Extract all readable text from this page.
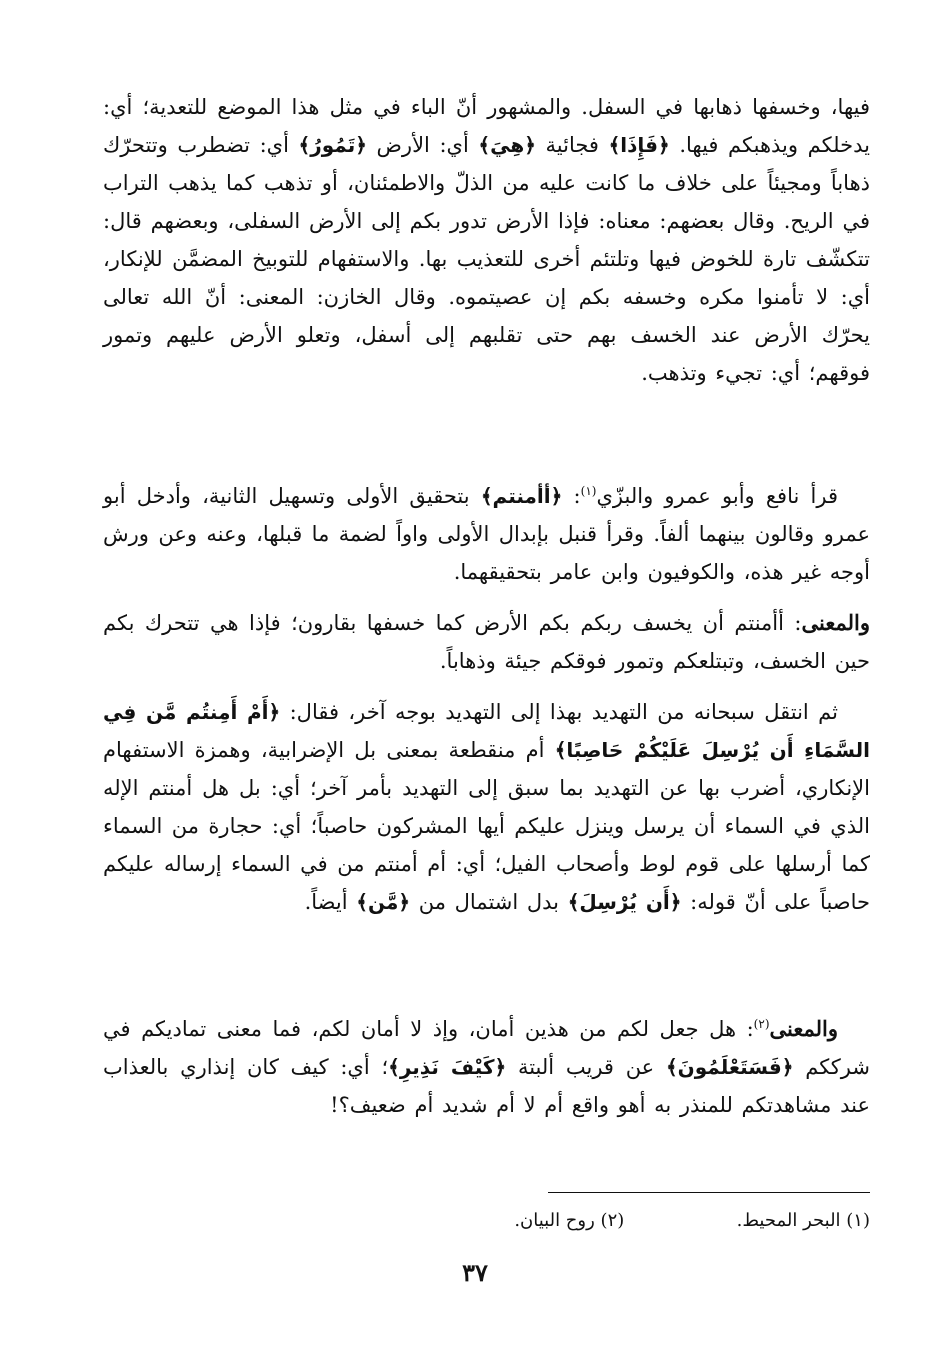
فيها، وخسفها ذهابها في السفل. والمشهور أنّ الباء في مثل هذا الموضع للتعدية؛ أي: يدخلكم ويذهبكم فيها. ﴿فَإِذَا﴾ فجائية ﴿هِيَ﴾ أي: الأرض ﴿تَمُورُ﴾ أي: تضطرب وتتحرّك ذهاباً ومجيئاً على خلاف ما كانت عليه من الذلّ والاطمئنان، أو تذهب كما يذهب التراب في الريح. وقال بعضهم: معناه: فإذا الأرض تدور بكم إلى الأرض السفلى، وبعضهم قال: تتكشّف تارة للخوض فيها وتلتئم أخرى للتعذيب بها. والاستفهام للتوبيخ المضمَّن للإنكار، أي: لا تأمنوا مكره وخسفه بكم إن عصيتموه. وقال الخازن: المعنى: أنّ الله تعالى يحرّك الأرض عند الخسف بهم حتى تقلبهم إلى أسفل، وتعلو الأرض عليهم وتمور فوقهم؛ أي: تجيء وتذهب.

قرأ نافع وأبو عمرو والبزّي$^{(١)}$: ﴿أأمنتم﴾ بتحقيق الأولى وتسهيل الثانية، وأدخل أبو عمرو وقالون بينهما ألفاً. وقرأ قنبل بإبدال الأولى واواً لضمة ما قبلها، وعنه وعن ورش أوجه غير هذه، والكوفيون وابن عامر بتحقيقهما.

والمعنى: أأمنتم أن يخسف ربكم بكم الأرض كما خسفها بقارون؛ فإذا هي تتحرك بكم حين الخسف، وتبتلعكم وتمور فوقكم جيئة وذهاباً.

ثم انتقل سبحانه من التهديد بهذا إلى التهديد بوجه آخر، فقال: ﴿أَمْ أَمِنتُم مَّن فِي السَّمَاءِ أَن يُرْسِلَ عَلَيْكُمْ حَاصِبًا﴾ أم منقطعة بمعنى بل الإضرابية، وهمزة الاستفهام الإنكاري، أضرب بها عن التهديد بما سبق إلى التهديد بأمر آخر؛ أي: بل هل أمنتم الإله الذي في السماء أن يرسل وينزل عليكم أيها المشركون حاصباً؛ أي: حجارة من السماء كما أرسلها على قوم لوط وأصحاب الفيل؛ أي: أم أمنتم من في السماء إرساله عليكم حاصباً على أنّ قوله: ﴿أَن يُرْسِلَ﴾ بدل اشتمال من ﴿مَّن﴾ أيضاً.

والمعنى$^{(٢)}$: هل جعل لكم من هذين أمان، وإذ لا أمان لكم، فما معنى تماديكم في شرككم ﴿فَسَتَعْلَمُونَ﴾ عن قريب ألبتة ﴿كَيْفَ نَذِيرِ﴾؛ أي: كيف كان إنذاري بالعذاب عند مشاهدتكم للمنذر به أهو واقع أم لا أم شديد أم ضعيف؟!

(١) البحر المحيط. (٢) روح البيان.
٣٧
